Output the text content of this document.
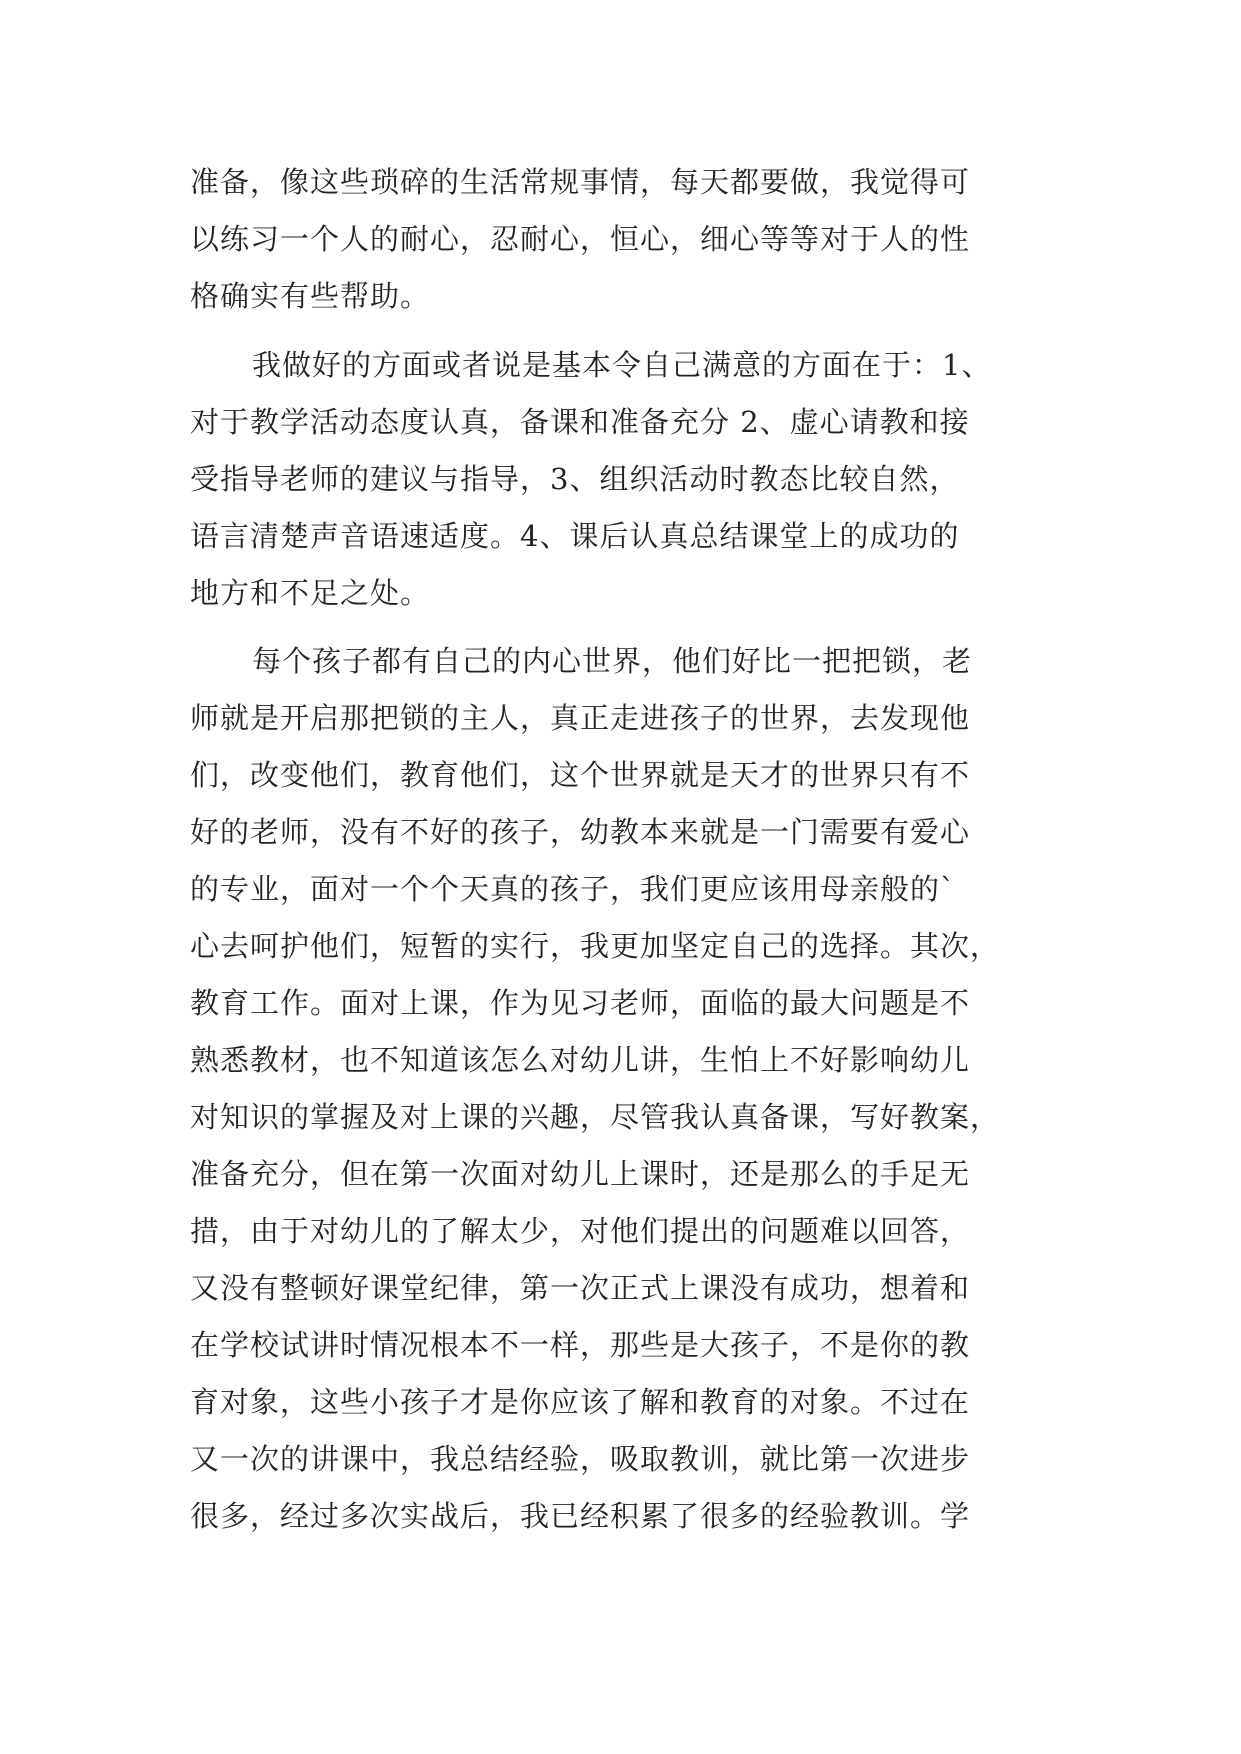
准备，像这些琐碎的生活常规事情，每天都要做，我觉得可
以练习一个人的耐心，忍耐心，恒心，细心等等对于人的性
格确实有些帮助。
我做好的方面或者说是基本令自己满意的方面在于：1、
对于教学活动态度认真，备课和准备充分 2、虚心请教和接
受指导老师的建议与指导，3、组织活动时教态比较自然，
语言清楚声音语速适度。4、课后认真总结课堂上的成功的
地方和不足之处。
每个孩子都有自己的内心世界，他们好比一把把锁，老
师就是开启那把锁的主人，真正走进孩子的世界，去发现他
们，改变他们，教育他们，这个世界就是天才的世界只有不
好的老师，没有不好的孩子，幼教本来就是一门需要有爱心
的专业，面对一个个天真的孩子，我们更应该用母亲般的`
心去呵护他们，短暂的实行，我更加坚定自己的选择。其次，
教育工作。面对上课，作为见习老师，面临的最大问题是不
熟悉教材，也不知道该怎么对幼儿讲，生怕上不好影响幼儿
对知识的掌握及对上课的兴趣，尽管我认真备课，写好教案，
准备充分，但在第一次面对幼儿上课时，还是那么的手足无
措，由于对幼儿的了解太少，对他们提出的问题难以回答，
又没有整顿好课堂纪律，第一次正式上课没有成功，想着和
在学校试讲时情况根本不一样，那些是大孩子，不是你的教
育对象，这些小孩子才是你应该了解和教育的对象。不过在
又一次的讲课中，我总结经验，吸取教训，就比第一次进步
很多，经过多次实战后，我已经积累了很多的经验教训。学
